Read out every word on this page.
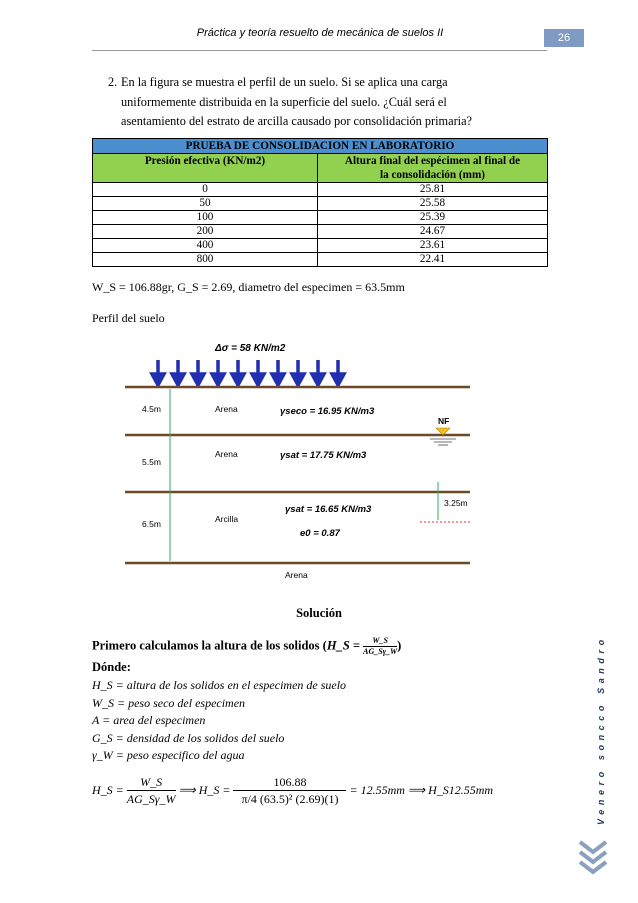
Práctica y teoría resuelto de mecánica de suelos II	26
2. En la figura se muestra el perfil de un suelo. Si se aplica una carga
uniformemente distribuida en la superficie del suelo. ¿Cuál será el
asentamiento del estrato de arcilla causado por consolidación primaria?
PRUEBA DE CONSOLIDACION EN LABORATORIO	
Presión efectiva (KN/m2)	Altura final del espécimen al final de
la consolidación (mm)
0	25.81
50	25.58
100	25.39
200	24.67
400	23.61
800	22.41
W_S = 106.88gr, G_S = 2.69, diametro del especimen = 63.5mm
Perfil del suelo
Δσ = 58 KN/m2
4.5m
5.5m
6.5m
Arena
Arena
Arcilla
Arena
γseco = 16.95 KN/m3
γsat = 17.75 KN/m3
γsat = 16.65 KN/m3
e0 = 0.87
NF
3.25m
Solución
Primero calculamos la altura de los solidos (H_S = $\frac{W\_S}{AG\_S\gamma\_W}$ )
Dónde:
H_S = altura de los solidos en el especimen de suelo
W_S = peso seco del especimen
A = area del especimen
G_S = densidad de los solidos del suelo
γ_W = peso especifico del agua
H_S = $\frac{W\_S}{AG\_S\gamma\_W}$ ⟹ H_S = $\frac{106.88}{\text{π/4 (63.5)² (2.69)(1)}} = 12.55mm$ ⟹ H_S12.55mm	Venero soncco Sandro
